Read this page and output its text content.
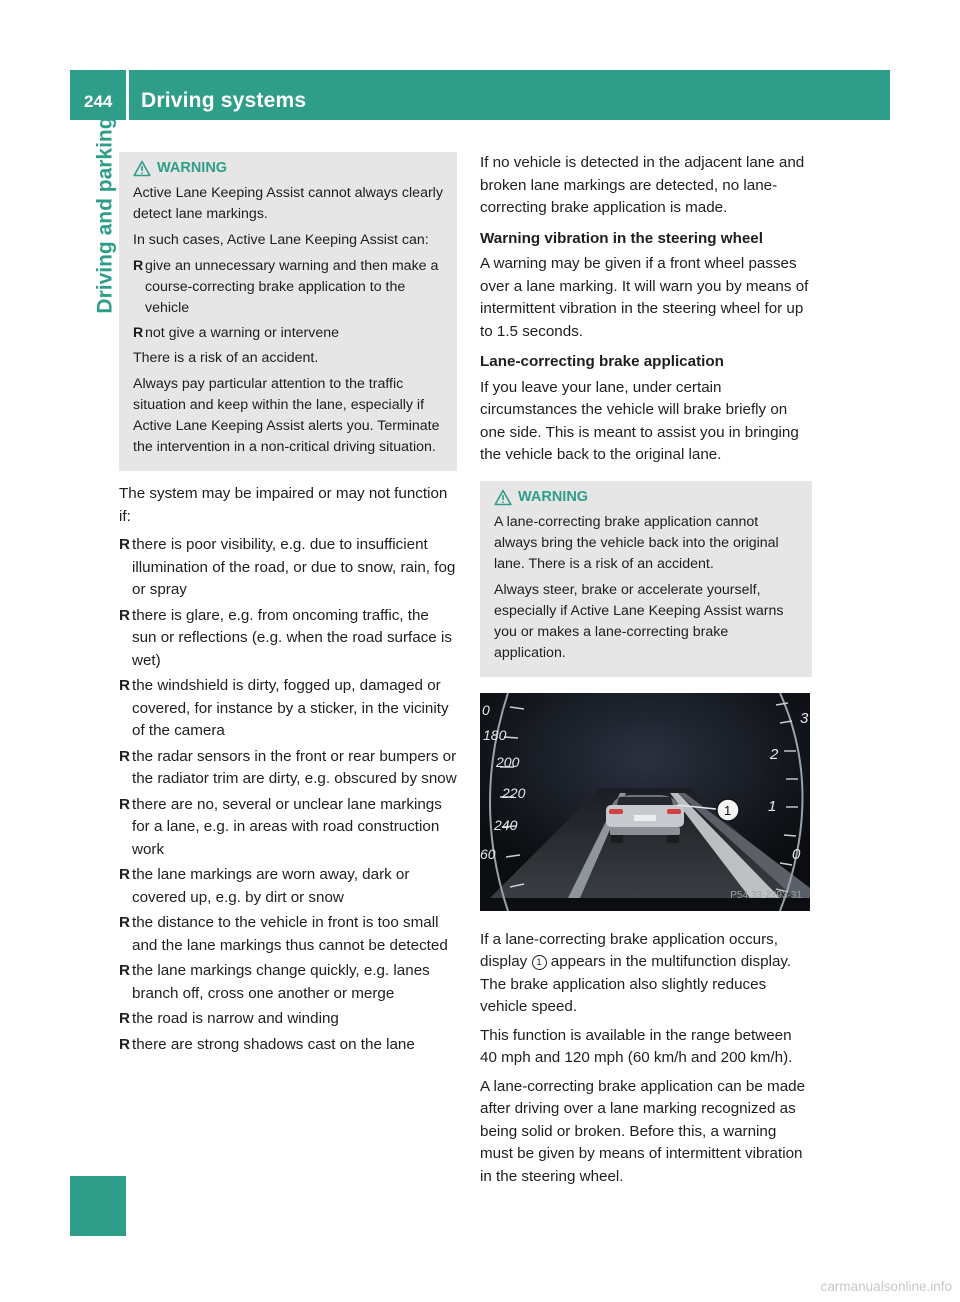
244	Driving systems
Driving and parking	WARNING
Active Lane Keeping Assist cannot always clearly detect lane markings.
In such cases, Active Lane Keeping Assist can:
R give an unnecessary warning and then make a course-correcting brake application to the vehicle
R not give a warning or intervene
There is a risk of an accident.
Always pay particular attention to the traffic situation and keep within the lane, especially if Active Lane Keeping Assist alerts you. Terminate the intervention in a non-critical driving situation.
The system may be impaired or may not function if:
R there is poor visibility, e.g. due to insufficient illumination of the road, or due to snow, rain, fog or spray
R there is glare, e.g. from oncoming traffic, the sun or reflections (e.g. when the road surface is wet)
R the windshield is dirty, fogged up, damaged or covered, for instance by a sticker, in the vicinity of the camera
R the radar sensors in the front or rear bumpers or the radiator trim are dirty, e.g. obscured by snow
R there are no, several or unclear lane markings for a lane, e.g. in areas with road construction work
R the lane markings are worn away, dark or covered up, e.g. by dirt or snow
R the distance to the vehicle in front is too small and the lane markings thus cannot be detected
R the lane markings change quickly, e.g. lanes branch off, cross one another or merge
R the road is narrow and winding
R there are strong shadows cast on the lane
If no vehicle is detected in the adjacent lane and broken lane markings are detected, no lane-correcting brake application is made.
Warning vibration in the steering wheel
A warning may be given if a front wheel passes over a lane marking. It will warn you by means of intermittent vibration in the steering wheel for up to 1.5 seconds.
Lane-correcting brake application
If you leave your lane, under certain circumstances the vehicle will brake briefly on one side. This is meant to assist you in bringing the vehicle back to the original lane.
WARNING
A lane-correcting brake application cannot always bring the vehicle back into the original lane. There is a risk of an accident.
Always steer, brake or accelerate yourself, especially if Active Lane Keeping Assist warns you or makes a lane-correcting brake application.
0
180
200
220
240
60
3
2
1
0
1
P54.33-2293-31
If a lane-correcting brake application occurs, display 1 appears in the multifunction display. The brake application also slightly reduces vehicle speed.
This function is available in the range between 40 mph and 120 mph (60 km/h and 200 km/h).
A lane-correcting brake application can be made after driving over a lane marking recognized as being solid or broken. Before this, a warning must be given by means of intermittent vibration in the steering wheel.
carmanualsonline.info
